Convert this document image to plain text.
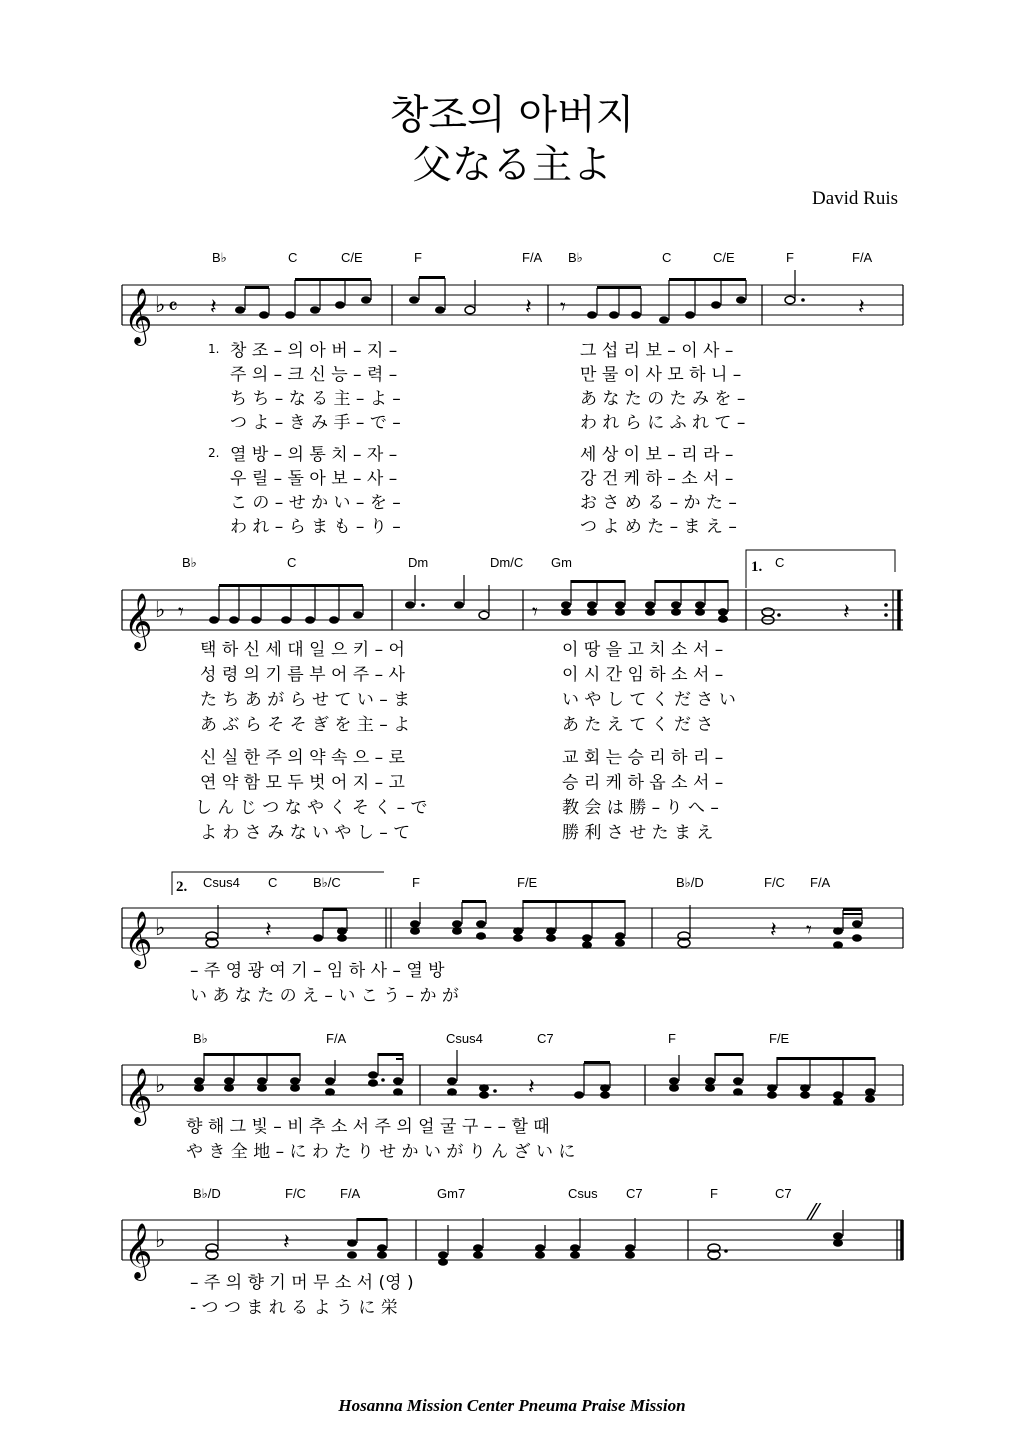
창조의 아버지
父なる主よ
David Ruis
B♭	C	C/E	F	F/A B♭	C	C/E	F	F/A
𝄞 ♭ 𝄴 𝄽	𝄽 𝄾	𝄽
1.
2.
창 조 – 의 아 버 – 지 –
주 의 – 크 신 능 – 력 –
ち ち – な る 主 – よ –
つ よ – き み 手 – で –
열 방 – 의 통 치 – 자 –
우 릴 – 돌 아 보 – 사 –
こ の – せ か い – を –
わ れ – ら ま も – り –
그 섭 리 보 – 이 사 –
만 물 이 사 모 하 니 –
あ な た の た み を –
わ れ ら に ふ れ て –
세 상 이 보 – 리 라 –
강 건 케 하 – 소 서 –
お さ め る – か た –
つ よ め た – ま え –
B♭	C	Dm	Dm/C Gm	1. C
𝄞 ♭ 𝄾	𝄾	𝄽
택 하 신 세 대 일 으 키 – 어
성 령 의 기 름 부 어 주 – 사
た ち あ が ら せ て い – ま
あ ぶ ら そ そ ぎ を 主 – よ
신 실 한 주 의 약 속 으 – 로
연 약 함 모 두 벗 어 지 – 고
し ん じ つ な や く そ く – で
よ わ さ み な い や し – て
이 땅 을 고 치 소 서 –
이 시 간 임 하 소 서 –
い や し て く だ さ い
あ た え て く だ さ
교 회 는 승 리 하 리 –
승 리 케 하 옵 소 서 –
教 会 は 勝 – り へ –
勝 利 さ せ た ま え
2. Csus4 C	B♭/C	F	F/E	B♭/D	F/C F/A
𝄞 ♭	𝄽	𝄽 𝄾
– 주 영 광 여 기 – 임 하 사 – 열 방
い あ な た の え – い こ う – か が
B♭	F/A	Csus4	C7	F	F/E
𝄞 ♭	𝄽
향 해 그 빛 – 비 추 소 서 주 의 얼 굴 구 – – 할 때
や き 全 地 – に わ た り せ か い が り ん ざ い に
B♭/D	F/C	F/A	Gm7	Csus C7	F	C7
𝄞 ♭
⁄⁄
𝄽
– 주 의 향 기 머 무 소 서 (영 )
- つ つ ま れ る よ う に 栄
Hosanna Mission Center Pneuma Praise Mission
